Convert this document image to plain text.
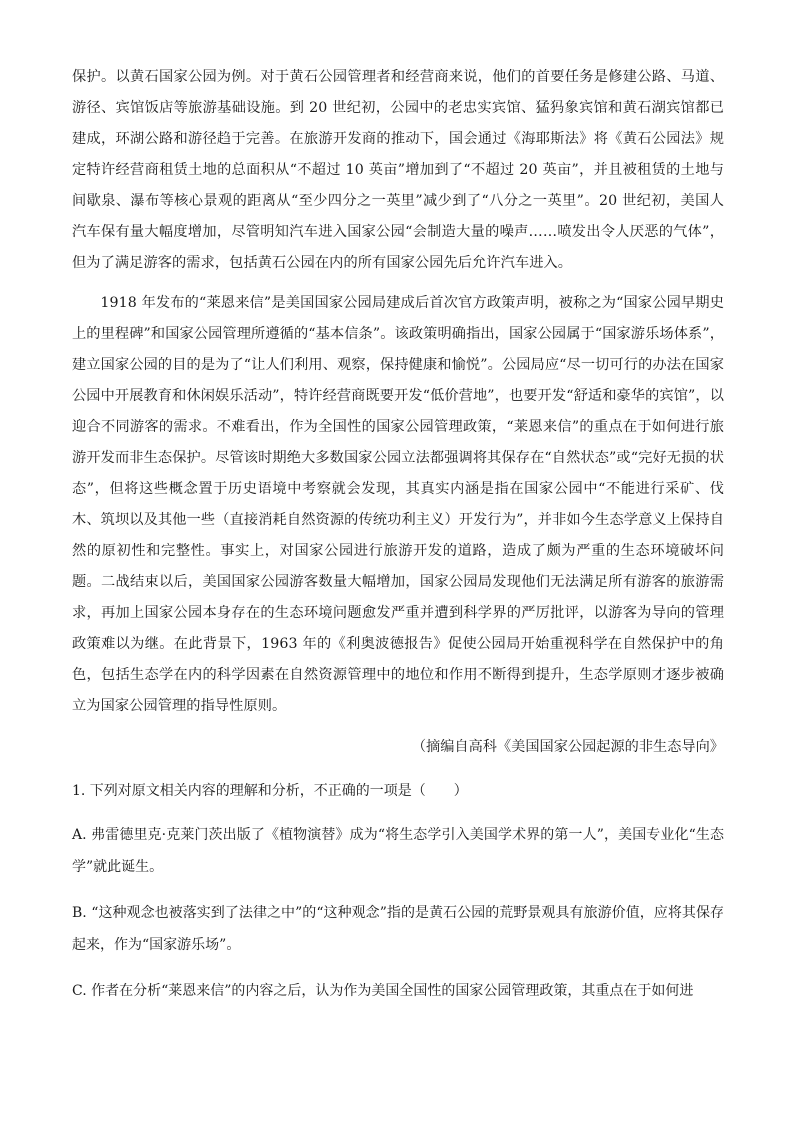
保护。以黄石国家公园为例。对于黄石公园管理者和经营商来说，他们的首要任务是修建公路、马道、游径、宾馆饭店等旅游基础设施。到 20 世纪初，公园中的老忠实宾馆、猛犸象宾馆和黄石湖宾馆都已建成，环湖公路和游径趋于完善。在旅游开发商的推动下，国会通过《海耶斯法》将《黄石公园法》规定特许经营商租赁土地的总面积从“不超过 10 英亩”增加到了“不超过 20 英亩”，并且被租赁的土地与间歇泉、瀑布等核心景观的距离从“至少四分之一英里”减少到了“八分之一英里”。20 世纪初，美国人汽车保有量大幅度增加，尽管明知汽车进入国家公园“会制造大量的噪声……喷发出令人厌恶的气体”，但为了满足游客的需求，包括黄石公园在内的所有国家公园先后允许汽车进入。

1918 年发布的“莱恩来信”是美国国家公园局建成后首次官方政策声明，被称之为“国家公园早期史上的里程碑”和国家公园管理所遵循的“基本信条”。该政策明确指出，国家公园属于“国家游乐场体系”，建立国家公园的目的是为了“让人们利用、观察，保持健康和愉悦”。公园局应“尽一切可行的办法在国家公园中开展教育和休闲娱乐活动”，特许经营商既要开发“低价营地”，也要开发“舒适和豪华的宾馆”，以迎合不同游客的需求。不难看出，作为全国性的国家公园管理政策，“莱恩来信”的重点在于如何进行旅游开发而非生态保护。尽管该时期绝大多数国家公园立法都强调将其保存在“自然状态”或“完好无损的状态”，但将这些概念置于历史语境中考察就会发现，其真实内涵是指在国家公园中“不能进行采矿、伐木、筑坝以及其他一些（直接消耗自然资源的传统功利主义）开发行为”，并非如今生态学意义上保持自然的原初性和完整性。事实上，对国家公园进行旅游开发的道路，造成了颇为严重的生态环境破坏问题。二战结束以后，美国国家公园游客数量大幅增加，国家公园局发现他们无法满足所有游客的旅游需求，再加上国家公园本身存在的生态环境问题愈发严重并遭到科学界的严厉批评，以游客为导向的管理政策难以为继。在此背景下，1963 年的《利奥波德报告》促使公园局开始重视科学在自然保护中的角色，包括生态学在内的科学因素在自然资源管理中的地位和作用不断得到提升，生态学原则才逐步被确立为国家公园管理的指导性原则。

（摘编自高科《美国国家公园起源的非生态导向》

1. 下列对原文相关内容的理解和分析，不正确的一项是（　　）

A. 弗雷德里克·克莱门茨出版了《植物演替》成为“将生态学引入美国学术界的第一人”，美国专业化“生态学”就此诞生。

B. “这种观念也被落实到了法律之中”的“这种观念”指的是黄石公园的荒野景观具有旅游价值，应将其保存起来，作为“国家游乐场”。

C. 作者在分析“莱恩来信”的内容之后，认为作为美国全国性的国家公园管理政策，其重点在于如何进
